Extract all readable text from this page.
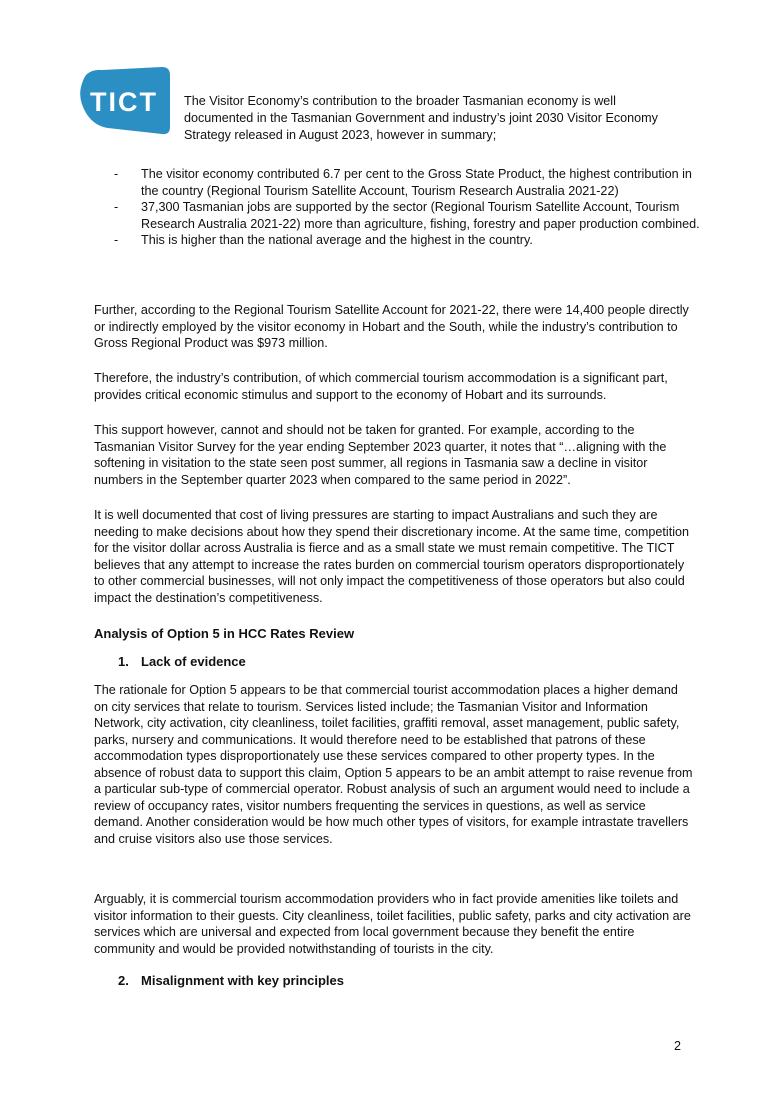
TICT The Visitor Economy’s contribution to the broader Tasmanian economy is well documented in the Tasmanian Government and industry’s joint 2030 Visitor Economy Strategy released in August 2023, however in summary;

- The visitor economy contributed 6.7 per cent to the Gross State Product, the highest contribution in the country (Regional Tourism Satellite Account, Tourism Research Australia 2021-22)
- 37,300 Tasmanian jobs are supported by the sector (Regional Tourism Satellite Account, Tourism Research Australia 2021-22) more than agriculture, fishing, forestry and paper production combined.
- This is higher than the national average and the highest in the country.

Further, according to the Regional Tourism Satellite Account for 2021-22, there were 14,400 people directly or indirectly employed by the visitor economy in Hobart and the South, while the industry’s contribution to Gross Regional Product was $973 million.

Therefore, the industry’s contribution, of which commercial tourism accommodation is a significant part, provides critical economic stimulus and support to the economy of Hobart and its surrounds.

This support however, cannot and should not be taken for granted. For example, according to the Tasmanian Visitor Survey for the year ending September 2023 quarter, it notes that “…aligning with the softening in visitation to the state seen post summer, all regions in Tasmania saw a decline in visitor numbers in the September quarter 2023 when compared to the same period in 2022”.

It is well documented that cost of living pressures are starting to impact Australians and such they are needing to make decisions about how they spend their discretionary income. At the same time, competition for the visitor dollar across Australia is fierce and as a small state we must remain competitive. The TICT believes that any attempt to increase the rates burden on commercial tourism operators disproportionately to other commercial businesses, will not only impact the competitiveness of those operators but also could impact the destination’s competitiveness.

Analysis of Option 5 in HCC Rates Review
1. Lack of evidence

The rationale for Option 5 appears to be that commercial tourist accommodation places a higher demand on city services that relate to tourism. Services listed include; the Tasmanian Visitor and Information Network, city activation, city cleanliness, toilet facilities, graffiti removal, asset management, public safety, parks, nursery and communications. It would therefore need to be established that patrons of these accommodation types disproportionately use these services compared to other property types. In the absence of robust data to support this claim, Option 5 appears to be an ambit attempt to raise revenue from a particular sub-type of commercial operator. Robust analysis of such an argument would need to include a review of occupancy rates, visitor numbers frequenting the services in questions, as well as service demand. Another consideration would be how much other types of visitors, for example intrastate travellers and cruise visitors also use those services.

Arguably, it is commercial tourism accommodation providers who in fact provide amenities like toilets and visitor information to their guests. City cleanliness, toilet facilities, public safety, parks and city activation are services which are universal and expected from local government because they benefit the entire community and would be provided notwithstanding of tourists in the city.

2. Misalignment with key principles
2
